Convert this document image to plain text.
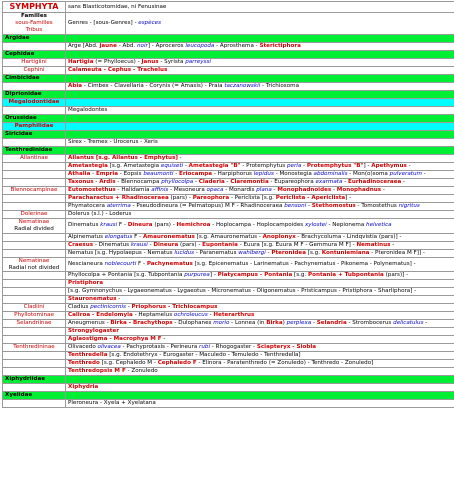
SYMPHYTA	sans Blasticotomidae, ni Fenusinae

Familles
sous-Familles
Tribus	Genres - [sous-Genres] - espèces

Argidae	

	Arge [Abd. jaune - Abd. noir] - Aproceros leucopoda - Aprosthema - Sterictiphora

Cephidae	

Hartigiini	Hartigia (= Phylloecus) - Janus - Syrista parreyssi

Cephini	Calameuta - Cephus - Trachelus

Cimbicidae	

	Abia - Cimbex - Clavellaria - Corynis (= Amasis) - Praia taczanowskii - Trichiosoma

Diprionidae	

Megalodontidae	

	Megalodontes

Orussidae	

Pamphilidae	

Siricidae	

	Sirex - Tremex - Urocerus - Xeris

Tenthredinidae	

Allantinae	Allantus [s.g. Allantus - Emphytus] -

	Ametastegia [s.g. Ametastegia equiseti - Ametastegia "B" - Protemphytus perla - Protemphytus "B"] - Apethymus -

	Athalia - Empria - Eopsis beaumonti - Eriocampa - Harpiphorus lepidus - Monostegia abdominalis - Mon(o)soma pulveratum -

	Taxonus - Ardis - Blennocampa phyllocolpa - Claderia - Claremontia - Eupareophora exarmata - Eurhadinoceraea -

Blennocampinae	Eutomostethus - Halidamia affinis - Mesoneura opaca - Monardis plana - Monophadnoides - Monophadnus -

	Paracharactus + Rhadinoceraea (pars) - Pareophora - Periclista [s.g. Periclista - Apericlista] -

	Phymatocera aterrima - Pseudodineura (= Pelmatopus) M F - Rhadinoceraea bensoni - Stethomostus - Tomostethus nigritus

Dolerinae	Dolerus (s.l.) - Loderus

Nematinae
Radial divided	Dinematus krausi F - Dineura (pars) - Hemichroa - Hoplocampa - Hoplocampoides xylostei - Nepionema helvetica

	Alpinematus elongatus F - Amauronematus [s.g. Amauronematus - Anoplonyx - Brachycoluma - Lindqvistia (pars)] -

	Craesus - Dinematus krausi - Dineura (pars) - Eupontania - Euura [s.g. Euura M F - Gemmura M F] - Nematinus -

	Nematus [s.g. Hypolaepus - Nematus lucidus - Paranematus wahlbergi - Pteronidea [s.g. Kontuniemiana - Pteronidea M F]] -

Nematinae
Radial not divided	Nescianeura noblecourti F - Pachynematus [s.g. Epicenematus - Larinematus - Pachynematus - Pikonema - Polynematus] -

	Phyllocolpa + Pontania [s.g. Tubpontania purpurea] - Platycampus - Pontania [s.g. Pontania + Tubpontania (pars)] -

	Pristiphora

	[s.g. Gymnonychus - Lygaeonematus - Lygaeotus - Micronematus - Oligonematus - Pristicampus - Pristiphora - Sharliphora] -

	Stauronematus -

Cladiini	Cladius pectinicornis - Priophorus - Trichiocampus

Phyllotominae	Caliroa - Endelomyia - Heptamelus ochroleucus - Heterarthrus

Selandriinae	Aneugmenus - Birka - Brachythops - Dulophanes morio - Lonnea (in Birka) perplexa - Selandria - Strombocerus delicatulus -

	Strongylogaster

	Aglaostigma - Macrophya M F -

Tenthredininae	Olivacedo olivacea - Pachyprotasis - Perineura rubi - Rhogogaster - Sciapteryx - Siobla

	Tenthredella [s.g. Endotethryx - Eurogaster - Maculedo - Temuledo - Tenthredella]

	Tenthredo [s.g. Cephaledo M - Cephaledo F - Elinora - Paratenthredo (= Zonuledo) - Tenthredo - Zonuledo]

	Tenthredopsis M F - Zonuledo

Xiphydriidae	

	Xiphydria

Xyelidae	

	Pleroneura - Xyela + Xyelatana
